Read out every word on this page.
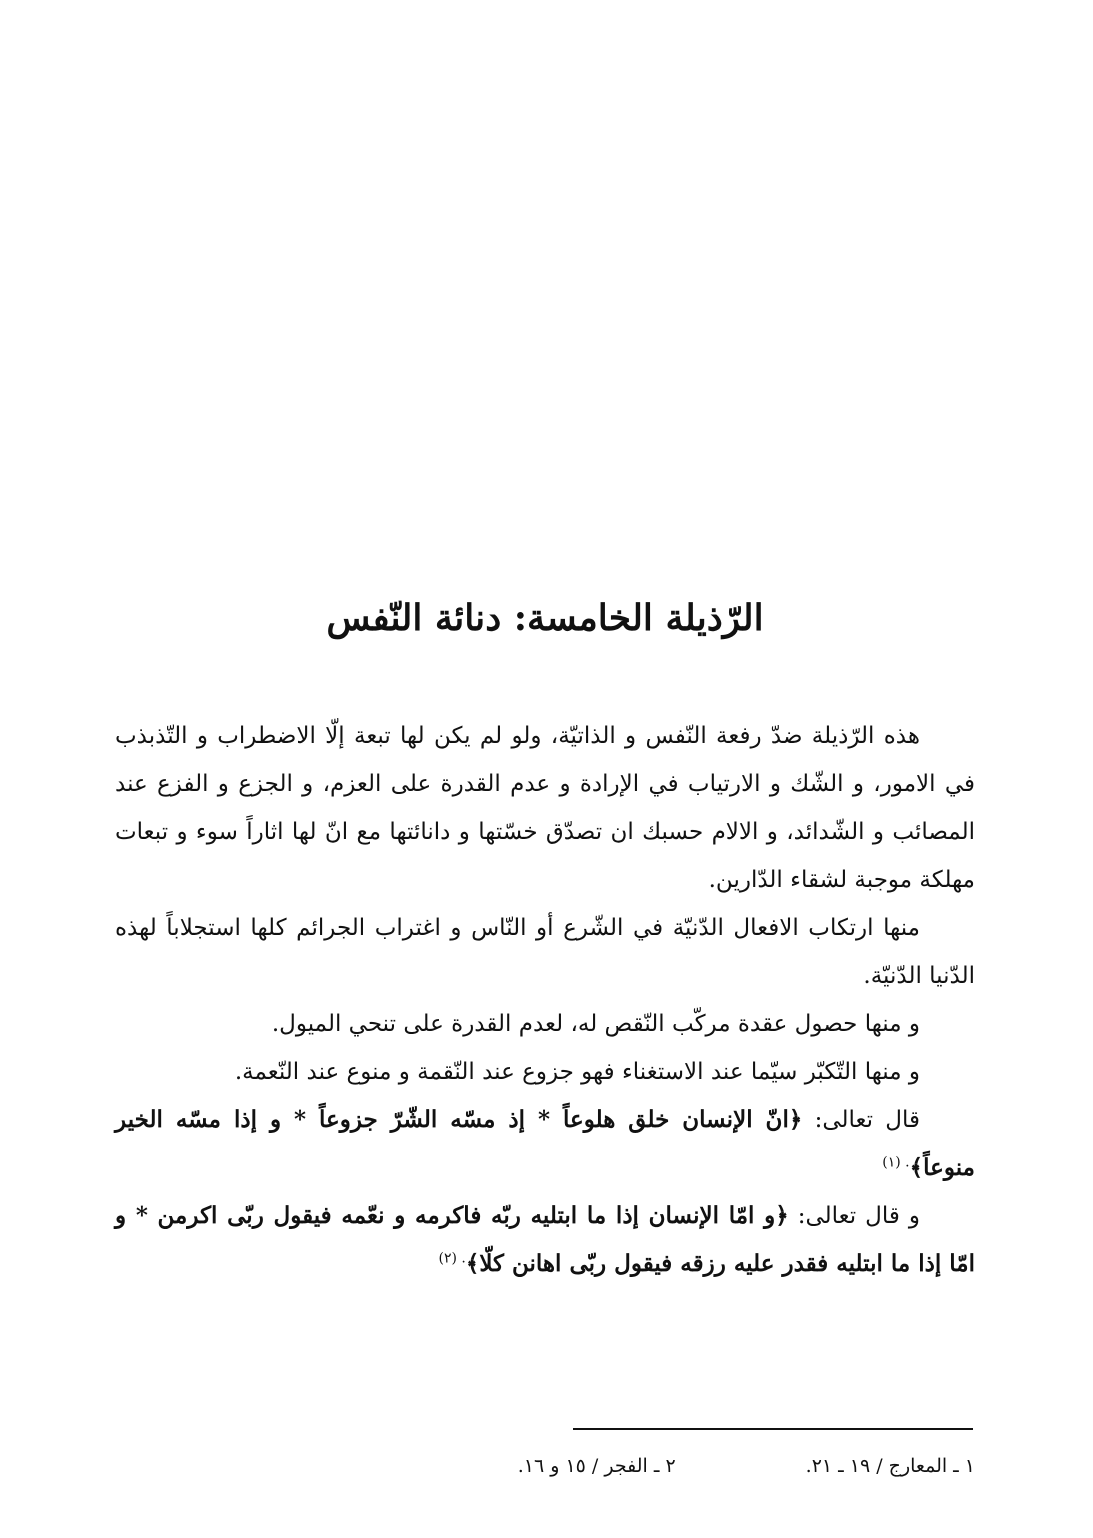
الرّذيلة الخامسة: دنائة النّفس

هذه الرّذيلة ضدّ رفعة النّفس و الذاتيّة، ولو لم يكن لها تبعة إلّا الاضطراب و التّذبذب في الامور، و الشّك و الارتياب في الإرادة و عدم القدرة على العزم، و الجزع و الفزع عند المصائب و الشّدائد، و الالام حسبك ان تصدّق خسّتها و دانائتها مع انّ لها اثاراً سوء و تبعات مهلكة موجبة لشقاء الدّارين.

منها ارتكاب الافعال الدّنيّة في الشّرع أو النّاس و اغتراب الجرائم كلها استجلاباً لهذه الدّنيا الدّنيّة.

و منها حصول عقدة مركّب النّقص له، لعدم القدرة على تنحي الميول.

و منها التّكبّر سيّما عند الاستغناء فهو جزوع عند النّقمة و منوع عند النّعمة.

قال تعالى: ﴿انّ الإنسان خلق هلوعاً * إذ مسّه الشّرّ جزوعاً * و إذا مسّه الخير منوعاً﴾$^{. (١)}$

و قال تعالى: ﴿و امّا الإنسان إذا ما ابتليه ربّه فاكرمه و نعّمه فيقول ربّى اكرمن * و امّا إذا ما ابتليه فقدر عليه رزقه فيقول ربّى اهانن كلّا﴾$^{. (٢)}$

١ ـ المعارج / ١٩ ـ ٢١.
٢ ـ الفجر / ١٥ و ١٦.
